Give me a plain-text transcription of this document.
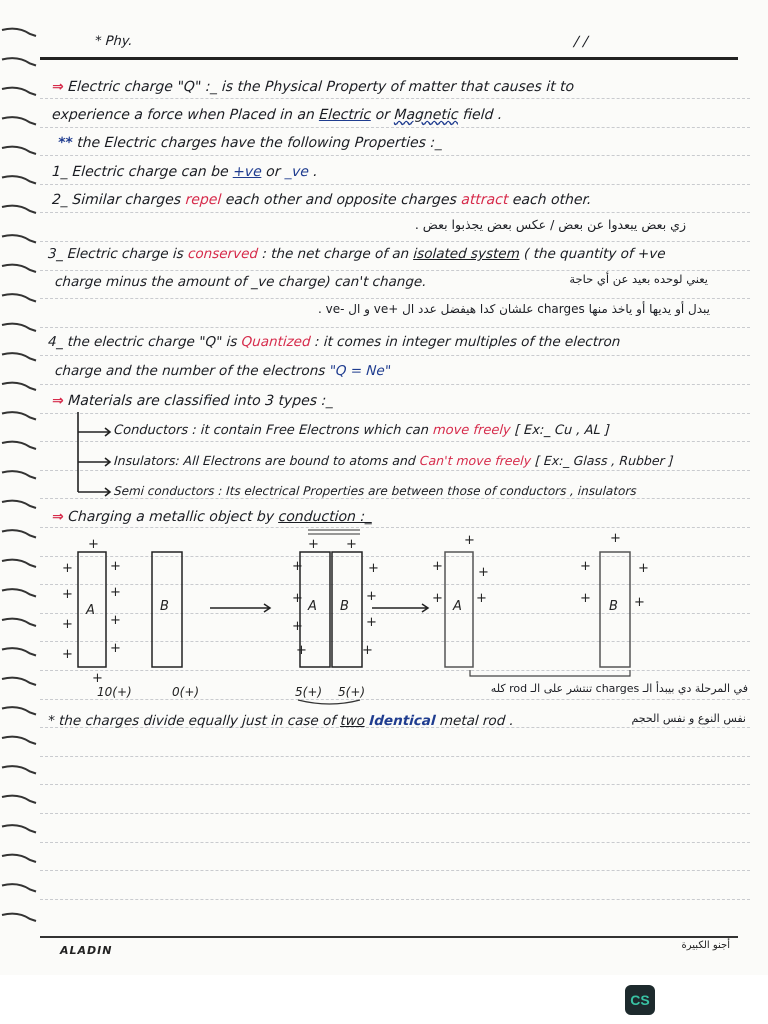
* Phy.	/ /
⇒ Electric charge "Q" :_ is the Physical Property of matter that causes it to
experience a force when Placed in an Electric or Magnetic field .
** the Electric charges have the following Properties :_
1_ Electric charge can be +ve or _ve .
2_ Similar charges repel each other and opposite charges attract each other.
زي بعض يبعدوا عن بعض / عكس بعض يجذبوا بعض .
3_ Electric charge is conserved : the net charge of an isolated system ( the quantity of +ve
charge minus the amount of _ve charge) can't change.	يعني لوحده بعيد عن أي حاجة
يبدل أو يديها أو ياخذ منها charges علشان كدا هيفضل عدد ال +ve و ال -ve .
4_ the electric charge "Q" is Quantized : it comes in integer multiples of the electron
charge and the number of the electrons "Q = Ne"
⇒ Materials are classified into 3 types :_
Conductors : it contain Free Electrons which can move freely [ Ex:_ Cu , AL ]
Insulators: All Electrons are bound to atoms and Can't move freely [ Ex:_ Glass , Rubber ]
Semi conductors : Its electrical Properties are between those of conductors , insulators
⇒ Charging a metallic object by conduction :_
A	B	A B	A	B
10(+)	0(+)	5(+) 5(+)
+
+	+
+	+
+	+
+	+
+
+ +
+	+
+	+
+	+
+	+
+
+	+
+	+
+
+	+
+	+
في المرحلة دي بيبدأ الـ charges تنتشر على الـ rod كله
نفس النوع و نفس الحجم
* the charges divide equally just in case of two Identical metal rod .
ALADIN	أجنو الكبيرة
CS
